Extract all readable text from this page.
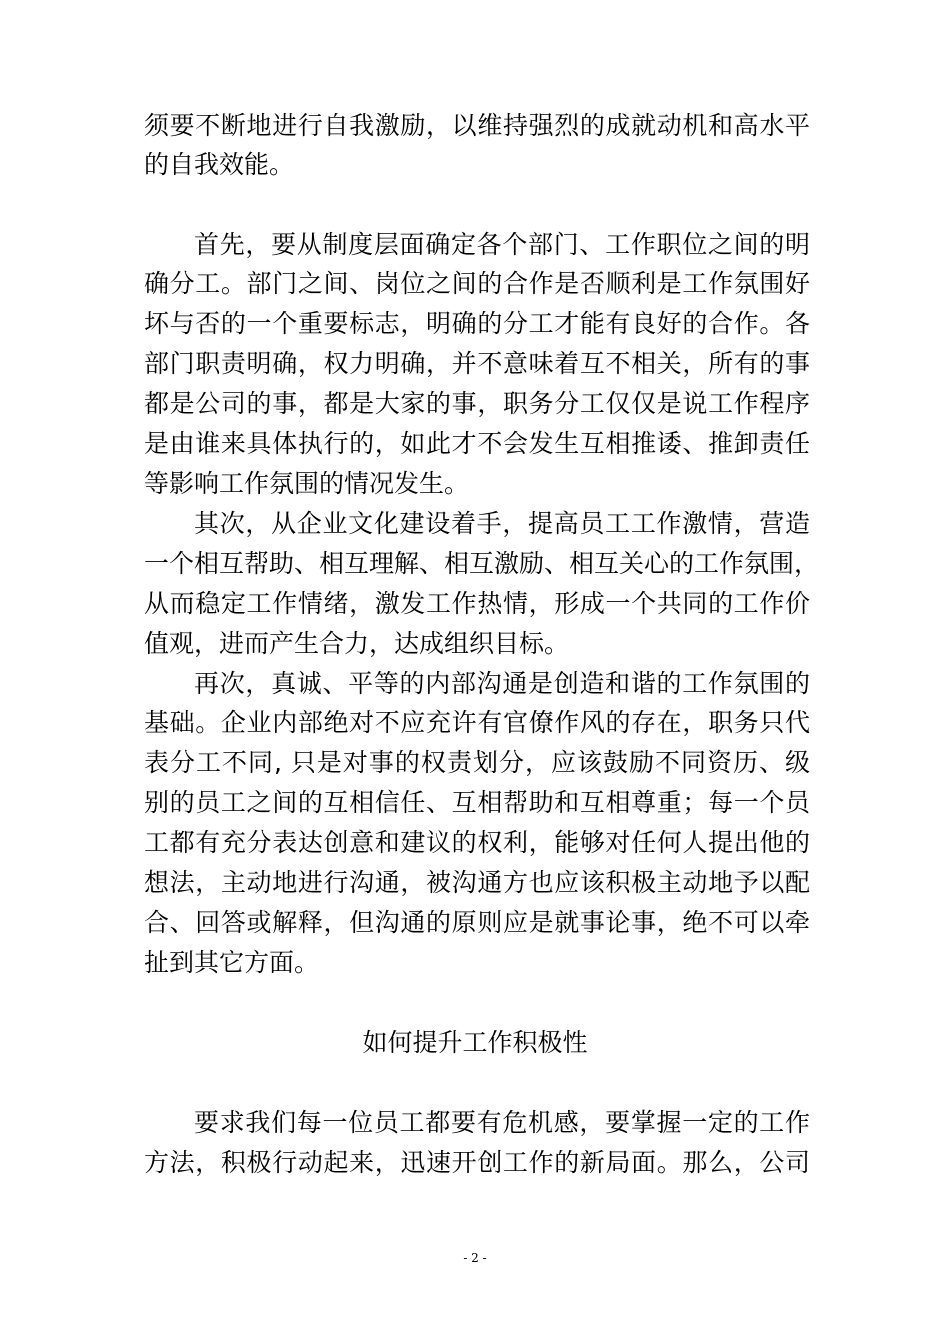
须要不断地进行自我激励，以维持强烈的成就动机和高水平
的自我效能。
首先，要从制度层面确定各个部门、工作职位之间的明
确分工。部门之间、岗位之间的合作是否顺利是工作氛围好
坏与否的一个重要标志，明确的分工才能有良好的合作。各
部门职责明确，权力明确，并不意味着互不相关，所有的事
都是公司的事，都是大家的事，职务分工仅仅是说工作程序
是由谁来具体执行的，如此才不会发生互相推诿、推卸责任
等影响工作氛围的情况发生。
其次，从企业文化建设着手，提高员工工作激情，营造
一个相互帮助、相互理解、相互激励、相互关心的工作氛围，
从而稳定工作情绪，激发工作热情，形成一个共同的工作价
值观，进而产生合力，达成组织目标。
再次，真诚、平等的内部沟通是创造和谐的工作氛围的
基础。企业内部绝对不应充许有官僚作风的存在，职务只代
表分工不同, 只是对事的权责划分，应该鼓励不同资历、级
别的员工之间的互相信任、互相帮助和互相尊重；每一个员
工都有充分表达创意和建议的权利，能够对任何人提出他的
想法，主动地进行沟通，被沟通方也应该积极主动地予以配
合、回答或解释，但沟通的原则应是就事论事，绝不可以牵
扯到其它方面。
如何提升工作积极性
要求我们每一位员工都要有危机感，要掌握一定的工作
方法，积极行动起来，迅速开创工作的新局面。那么，公司
- 2 -
